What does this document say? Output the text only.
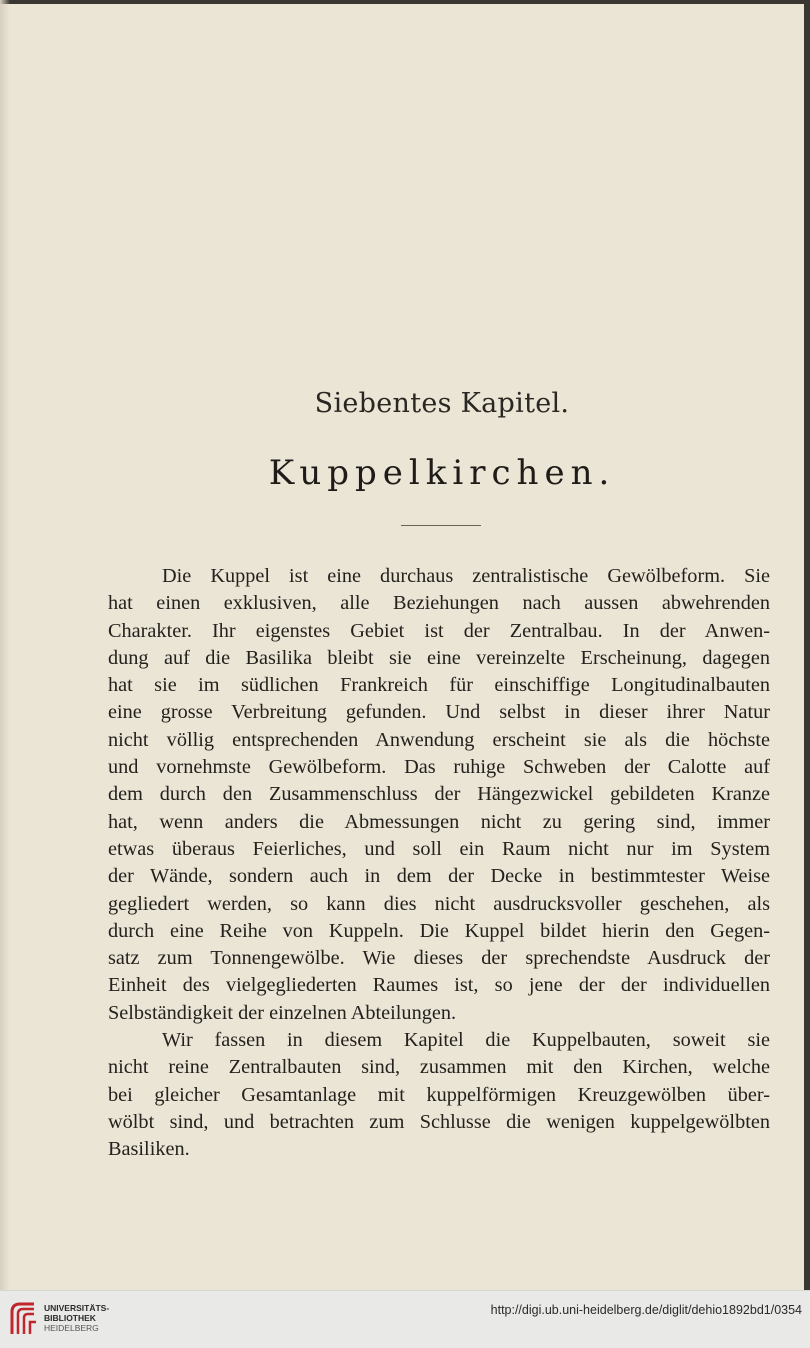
Siebentes Kapitel.
Kuppelkirchen.
Die Kuppel ist eine durchaus zentralistische Gewölbeform. Sie
hat einen exklusiven, alle Beziehungen nach aussen abwehrenden
Charakter. Ihr eigenstes Gebiet ist der Zentralbau. In der Anwen-
dung auf die Basilika bleibt sie eine vereinzelte Erscheinung, dagegen
hat sie im südlichen Frankreich für einschiffige Longitudinalbauten
eine grosse Verbreitung gefunden. Und selbst in dieser ihrer Natur
nicht völlig entsprechenden Anwendung erscheint sie als die höchste
und vornehmste Gewölbeform. Das ruhige Schweben der Calotte auf
dem durch den Zusammenschluss der Hängezwickel gebildeten Kranze
hat, wenn anders die Abmessungen nicht zu gering sind, immer
etwas überaus Feierliches, und soll ein Raum nicht nur im System
der Wände, sondern auch in dem der Decke in bestimmtester Weise
gegliedert werden, so kann dies nicht ausdrucksvoller geschehen, als
durch eine Reihe von Kuppeln. Die Kuppel bildet hierin den Gegen-
satz zum Tonnengewölbe. Wie dieses der sprechendste Ausdruck der
Einheit des vielgegliederten Raumes ist, so jene der der individuellen
Selbständigkeit der einzelnen Abteilungen.
Wir fassen in diesem Kapitel die Kuppelbauten, soweit sie
nicht reine Zentralbauten sind, zusammen mit den Kirchen, welche
bei gleicher Gesamtanlage mit kuppelförmigen Kreuzgewölben über-
wölbt sind, und betrachten zum Schlusse die wenigen kuppelgewölbten
Basiliken.
UNIVERSITÄTS-
BIBLIOTHEK
HEIDELBERG
http://digi.ub.uni-heidelberg.de/diglit/dehio1892bd1/0354
